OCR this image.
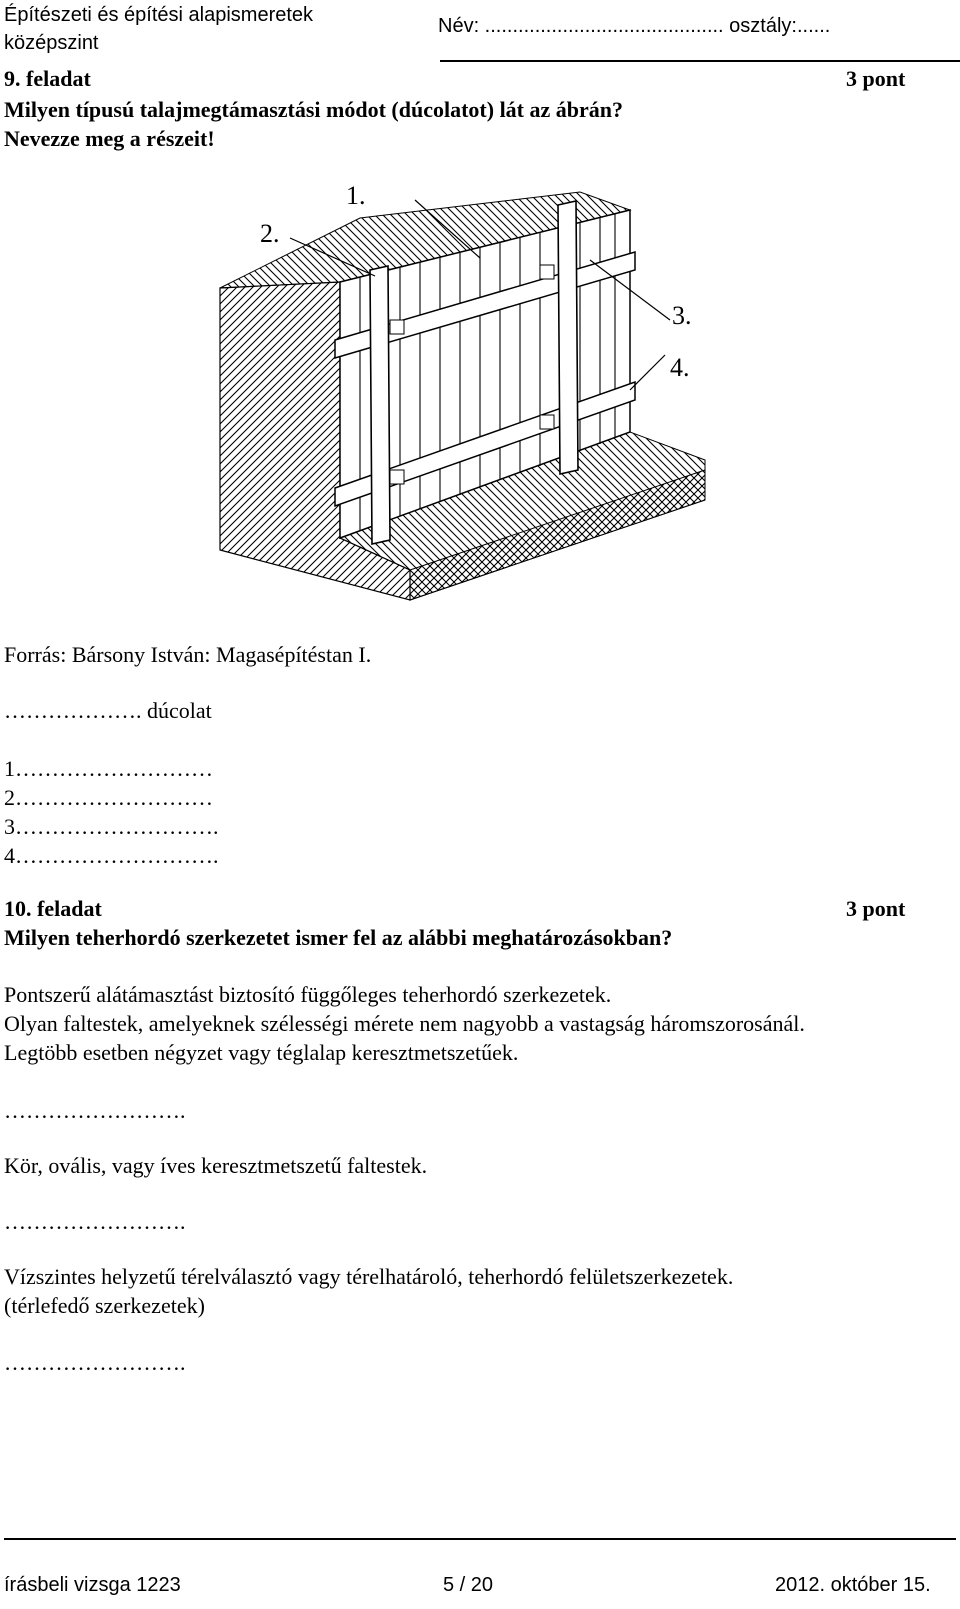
Építészeti és építési alapismeretek
középszint
Név: ........................................... osztály:......
9. feladat	3 pont
Milyen típusú talajmegtámasztási módot (dúcolatot) lát az ábrán?
Nevezze meg a részeit!
1.
2.
3.
4.
Forrás: Bársony István: Magasépítéstan I.
………………. dúcolat
1………………………
2………………………
3……………………….
4……………………….
10. feladat	3 pont
Milyen teherhordó szerkezetet ismer fel az alábbi meghatározásokban?
Pontszerű alátámasztást biztosító függőleges teherhordó szerkezetek.
Olyan faltestek, amelyeknek szélességi mérete nem nagyobb a vastagság háromszorosánál.
Legtöbb esetben négyzet vagy téglalap keresztmetszetűek.
…………………….
Kör, ovális, vagy íves keresztmetszetű faltestek.
…………………….
Vízszintes helyzetű térelválasztó vagy térelhatároló, teherhordó felületszerkezetek.
(térlefedő szerkezetek)
…………………….
írásbeli vizsga 1223	5 / 20	2012. október 15.
